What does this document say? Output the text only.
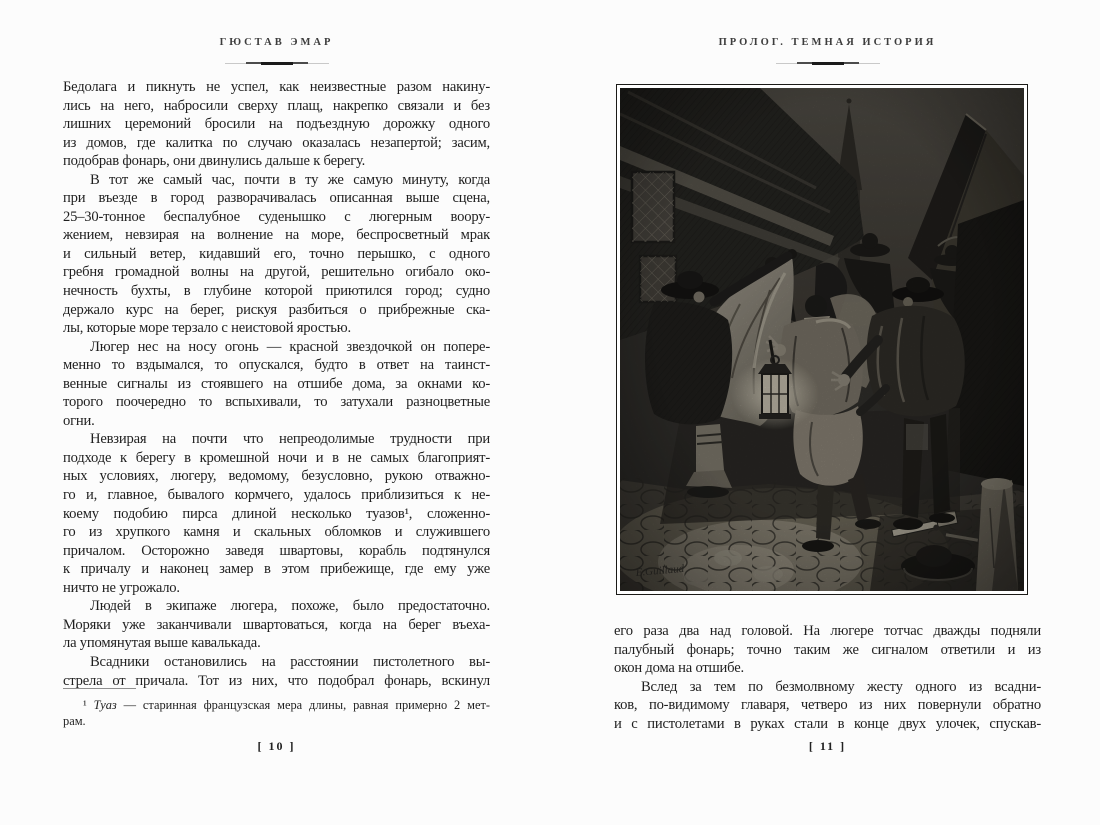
ГЮСТАВ ЭМАР
Бедолага и пикнуть не успел, как неизвестные разом накину-
лись на него, набросили сверху плащ, накрепко связали и без
лишних церемоний бросили на подъездную дорожку одного
из домов, где калитка по случаю оказалась незапертой; засим,
подобрав фонарь, они двинулись дальше к берегу.
В тот же самый час, почти в ту же самую минуту, когда
при въезде в город разворачивалась описанная выше сцена,
25–30-тонное беспалубное суденышко с люгерным воору-
жением, невзирая на волнение на море, беспросветный мрак
и сильный ветер, кидавший его, точно перышко, с одного
гребня громадной волны на другой, решительно огибало око-
нечность бухты, в глубине которой приютился город; судно
держало курс на берег, рискуя разбиться о прибрежные ска-
лы, которые море терзало с неистовой яростью.
Люгер нес на носу огонь — красной звездочкой он попере-
менно то вздымался, то опускался, будто в ответ на таинст-
венные сигналы из стоявшего на отшибе дома, за окнами ко-
торого поочередно то вспыхивали, то затухали разноцветные
огни.
Невзирая на почти что непреодолимые трудности при
подходе к берегу в кромешной ночи и в не самых благоприят-
ных условиях, люгеру, ведомому, безусловно, рукою отважно-
го и, главное, бывалого кормчего, удалось приблизиться к не-
коему подобию пирса длиной несколько туазов¹, сложенно-
го из хрупкого камня и скальных обломков и служившего
причалом. Осторожно заведя швартовы, корабль подтянулся
к причалу и наконец замер в этом прибежище, где ему уже
ничто не угрожало.
Людей в экипаже люгера, похоже, было предостаточно.
Моряки уже заканчивали швартоваться, когда на берег въеха-
ла упомянутая выше кавалькада.
Всадники остановились на расстоянии пистолетного вы-
стрела от причала. Тот из них, что подобрал фонарь, вскинул
¹ Туаз — старинная французская мера длины, равная примерно 2 мет-
рам.
[ 10 ]
ПРОЛОГ. ТЕМНАЯ ИСТОРИЯ
его раза два над головой. На люгере тотчас дважды подняли
палубный фонарь; точно таким же сигналом ответили и из
окон дома на отшибе.
Вслед за тем по безмолвному жесту одного из всадни-
ков, по-видимому главаря, четверо из них повернули обратно
и с пистолетами в руках стали в конце двух улочек, спускав-
[ 11 ]
